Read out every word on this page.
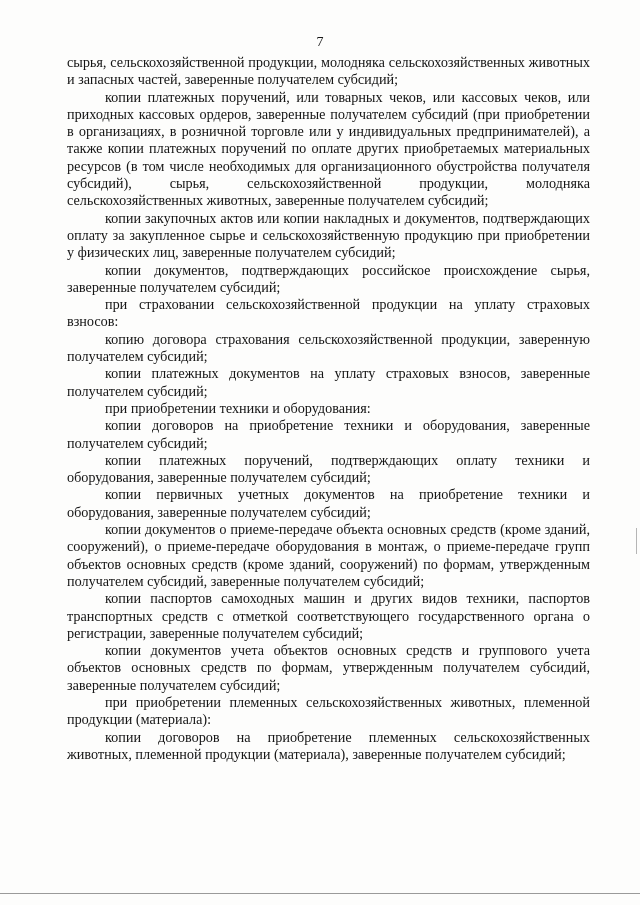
7

сырья, сельскохозяйственной продукции, молодняка сельскохозяйственных животных и запасных частей, заверенные получателем субсидий;

копии платежных поручений, или товарных чеков, или кассовых чеков, или приходных кассовых ордеров, заверенные получателем субсидий (при приобретении в организациях, в розничной торговле или у индивидуальных предпринимателей), а также копии платежных поручений по оплате других приобретаемых материальных ресурсов (в том числе необходимых для организационного обустройства получателя субсидий), сырья, сельскохозяйственной продукции, молодняка сельскохозяйственных животных, заверенные получателем субсидий;

копии закупочных актов или копии накладных и документов, подтверждающих оплату за закупленное сырье и сельскохозяйственную продукцию при приобретении у физических лиц, заверенные получателем субсидий;

копии документов, подтверждающих российское происхождение сырья, заверенные получателем субсидий;

при страховании сельскохозяйственной продукции на уплату страховых взносов:

копию договора страхования сельскохозяйственной продукции, заверенную получателем субсидий;

копии платежных документов на уплату страховых взносов, заверенные получателем субсидий;

при приобретении техники и оборудования:

копии договоров на приобретение техники и оборудования, заверенные получателем субсидий;

копии платежных поручений, подтверждающих оплату техники и оборудования, заверенные получателем субсидий;

копии первичных учетных документов на приобретение техники и оборудования, заверенные получателем субсидий;

копии документов о приеме-передаче объекта основных средств (кроме зданий, сооружений), о приеме-передаче оборудования в монтаж, о приеме-передаче групп объектов основных средств (кроме зданий, сооружений) по формам, утвержденным получателем субсидий, заверенные получателем субсидий;

копии паспортов самоходных машин и других видов техники, паспортов транспортных средств с отметкой соответствующего государственного органа о регистрации, заверенные получателем субсидий;

копии документов учета объектов основных средств и группового учета объектов основных средств по формам, утвержденным получателем субсидий, заверенные получателем субсидий;

при приобретении племенных сельскохозяйственных животных, племенной продукции (материала):

копии договоров на приобретение племенных сельскохозяйственных животных, племенной продукции (материала), заверенные получателем субсидий;
